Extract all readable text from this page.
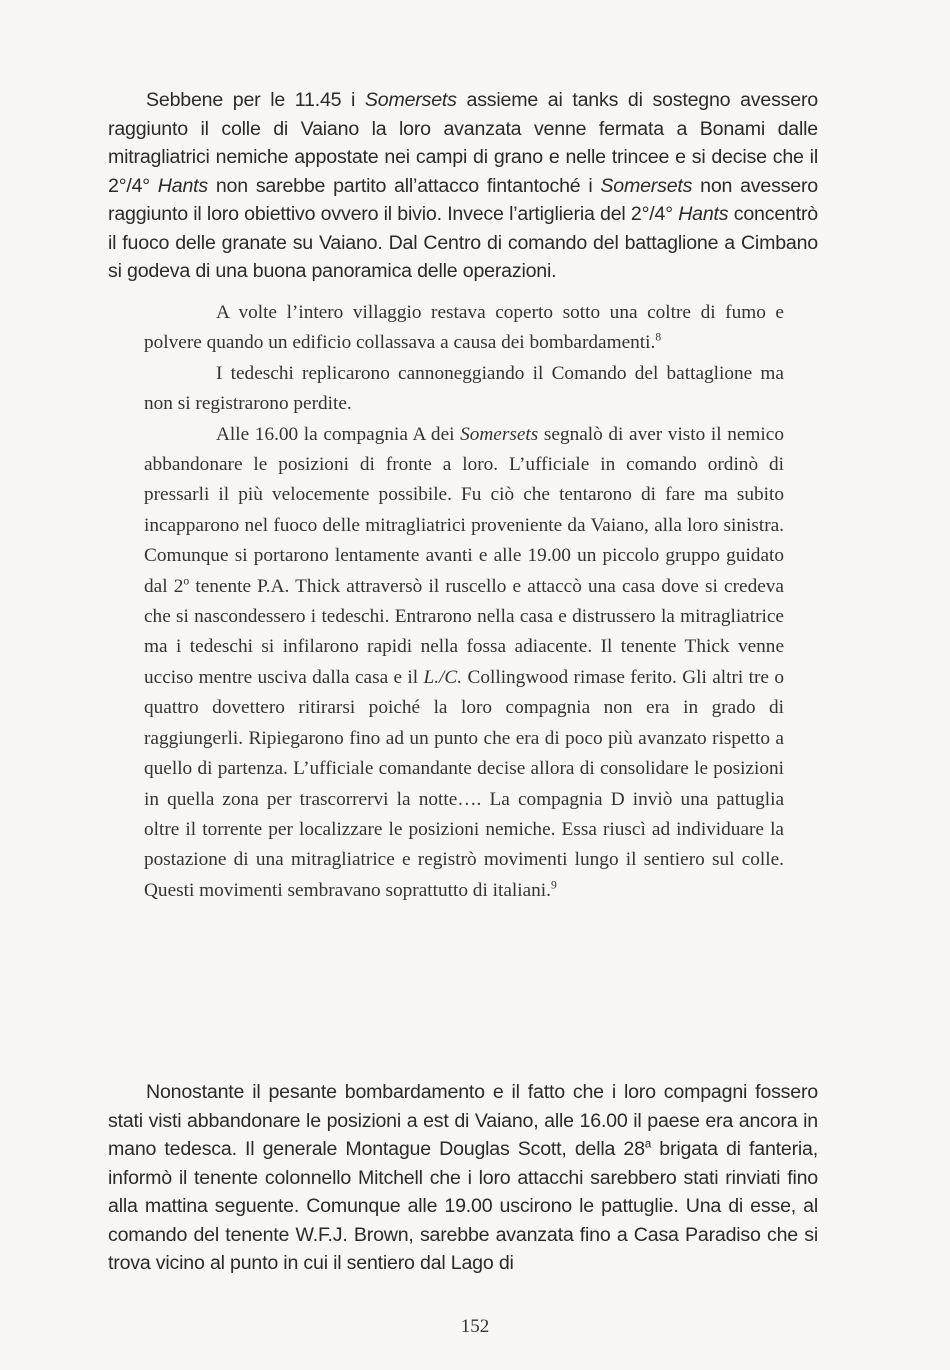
Sebbene per le 11.45 i Somersets assieme ai tanks di sostegno avessero raggiunto il colle di Vaiano la loro avanzata venne fermata a Bonami dalle mitragliatrici nemiche appostate nei campi di grano e nelle trincee e si decise che il 2°/4° Hants non sarebbe partito all’attacco fintantoché i Somersets non avessero raggiunto il loro obiettivo ovvero il bivio. Invece l’artiglieria del 2°/4° Hants concentrò il fuoco delle granate su Vaiano. Dal Centro di comando del battaglione a Cimbano si godeva di una buona panoramica delle operazioni.

A volte l’intero villaggio restava coperto sotto una coltre di fumo e polvere quando un edificio collassava a causa dei bombardamenti.$^8$

I tedeschi replicarono cannoneggiando il Comando del battaglione ma non si registrarono perdite.

Alle 16.00 la compagnia A dei Somersets segnalò di aver visto il nemico abbandonare le posizioni di fronte a loro. L’ufficiale in comando ordinò di pressarli il più velocemente possibile. Fu ciò che tentarono di fare ma subito incapparono nel fuoco delle mitragliatrici proveniente da Vaiano, alla loro sinistra. Comunque si portarono lentamente avanti e alle 19.00 un piccolo gruppo guidato dal 2$^o$ tenente P.A. Thick attraversò il ruscello e attaccò una casa dove si credeva che si nascondessero i tedeschi. Entrarono nella casa e distrussero la mitragliatrice ma i tedeschi si infilarono rapidi nella fossa adiacente. Il tenente Thick venne ucciso mentre usciva dalla casa e il L./C. Collingwood rimase ferito. Gli altri tre o quattro dovettero ritirarsi poiché la loro compagnia non era in grado di raggiungerli. Ripiegarono fino ad un punto che era di poco più avanzato rispetto a quello di partenza. L’ufficiale comandante decise allora di consolidare le posizioni in quella zona per trascorrervi la notte…. La compagnia D inviò una pattuglia oltre il torrente per localizzare le posizioni nemiche. Essa riuscì ad individuare la postazione di una mitragliatrice e registrò movimenti lungo il sentiero sul colle. Questi movimenti sembravano soprattutto di italiani.$^9$

Nonostante il pesante bombardamento e il fatto che i loro compagni fossero stati visti abbandonare le posizioni a est di Vaiano, alle 16.00 il paese era ancora in mano tedesca. Il generale Montague Douglas Scott, della 28$^a$ brigata di fanteria, informò il tenente colonnello Mitchell che i loro attacchi sarebbero stati rinviati fino alla mattina seguente. Comunque alle 19.00 uscirono le pattuglie. Una di esse, al comando del tenente W.F.J. Brown, sarebbe avanzata fino a Casa Paradiso che si trova vicino al punto in cui il sentiero dal Lago di

152
